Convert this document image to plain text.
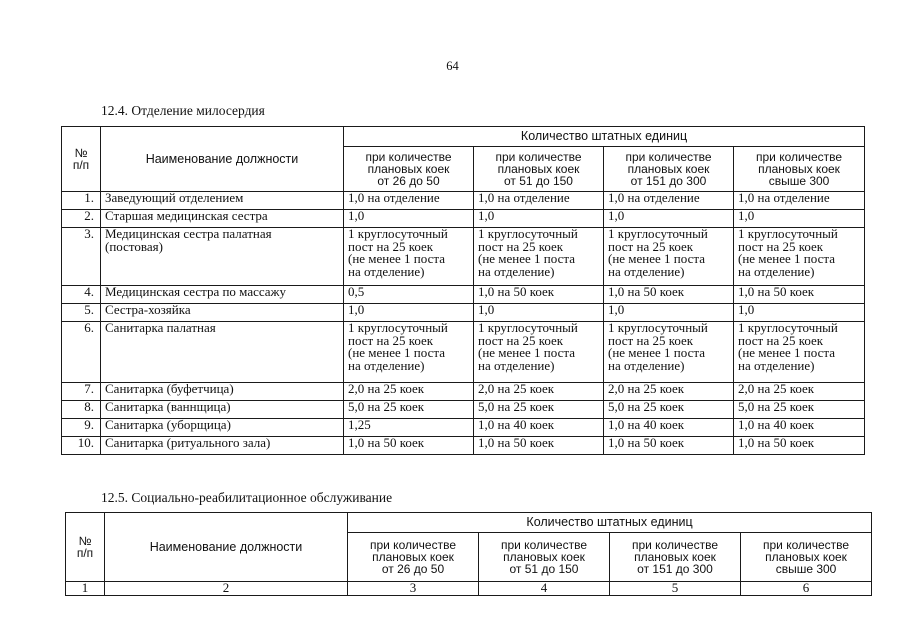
64
12.4. Отделение милосердия
№
п/п	Наименование должности	Количество штатных единиц			
		при количестве
плановых коек
от 26 до 50	при количестве
плановых коек
от 51 до 150	при количестве
плановых коек
от 151 до 300	при количестве
плановых коек
свыше 300
1.	Заведующий отделением	1,0 на отделение	1,0 на отделение	1,0 на отделение	1,0 на отделение
2.	Старшая медицинская сестра	1,0	1,0	1,0	1,0
3.	Медицинская сестра палатная
(постовая)	1 круглосуточный
пост на 25 коек
(не менее 1 поста
на отделение)	1 круглосуточный
пост на 25 коек
(не менее 1 поста
на отделение)	1 круглосуточный
пост на 25 коек
(не менее 1 поста
на отделение)	1 круглосуточный
пост на 25 коек
(не менее 1 поста
на отделение)
4.	Медицинская сестра по массажу	0,5	1,0 на 50 коек	1,0 на 50 коек	1,0 на 50 коек
5.	Сестра-хозяйка	1,0	1,0	1,0	1,0
6.	Санитарка палатная	1 круглосуточный
пост на 25 коек
(не менее 1 поста
на отделение)	1 круглосуточный
пост на 25 коек
(не менее 1 поста
на отделение)	1 круглосуточный
пост на 25 коек
(не менее 1 поста
на отделение)	1 круглосуточный
пост на 25 коек
(не менее 1 поста
на отделение)
7.	Санитарка (буфетчица)	2,0 на 25 коек	2,0 на 25 коек	2,0 на 25 коек	2,0 на 25 коек
8.	Санитарка (ваннщица)	5,0 на 25 коек	5,0 на 25 коек	5,0 на 25 коек	5,0 на 25 коек
9.	Санитарка (уборщица)	1,25	1,0 на 40 коек	1,0 на 40 коек	1,0 на 40 коек
10.	Санитарка (ритуального зала)	1,0 на 50 коек	1,0 на 50 коек	1,0 на 50 коек	1,0 на 50 коек
12.5. Социально-реабилитационное обслуживание
№
п/п	Наименование должности	Количество штатных единиц			
		при количестве
плановых коек
от 26 до 50	при количестве
плановых коек
от 51 до 150	при количестве
плановых коек
от 151 до 300	при количестве
плановых коек
свыше 300
1	2	3	4	5	6
